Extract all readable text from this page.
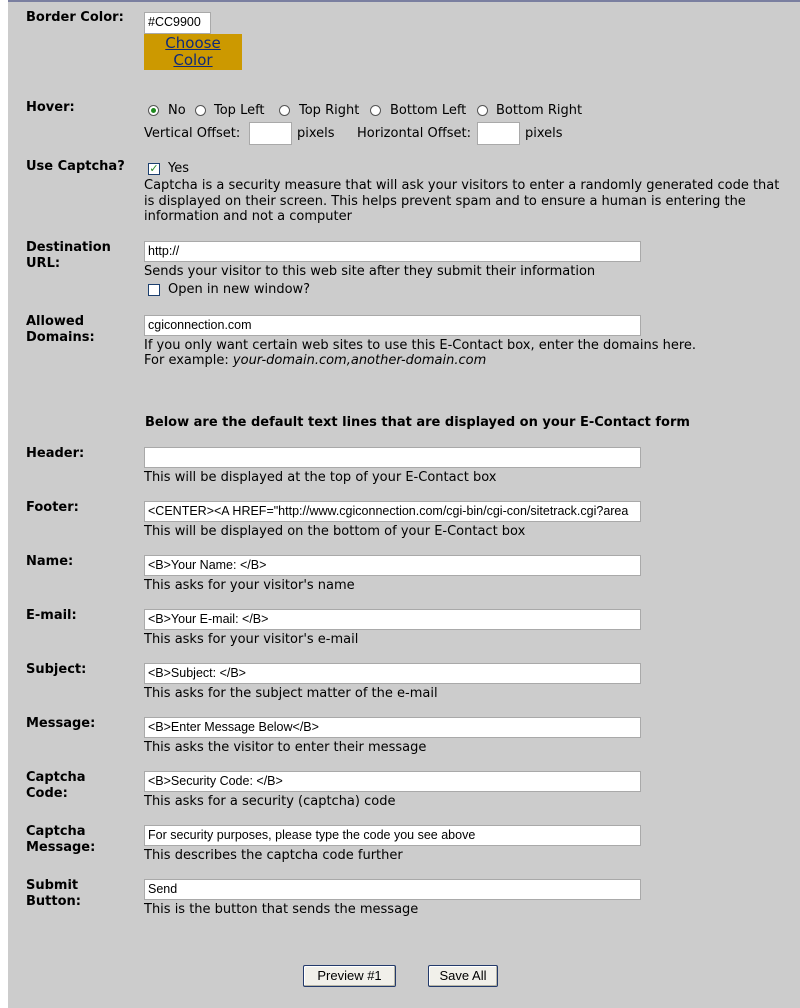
Border Color:	#CC9900
Choose Color
Hover:	No Top Left	Top Right Bottom Left Bottom Right
Vertical Offset:	pixels Horizontal Offset:	pixels
Use Captcha? ✓ Yes
Captcha is a security measure that will ask your visitors to enter a randomly generated code that
is displayed on their screen. This helps prevent spam and to ensure a human is entering the
information and not a computer
Destination
URL:
http://
Sends your visitor to this web site after they submit their information
Open in new window?
Allowed
Domains:
cgiconnection.com
If you only want certain web sites to use this E-Contact box, enter the domains here.
For example: your-domain.com,another-domain.com
Below are the default text lines that are displayed on your E-Contact form
Header:
This will be displayed at the top of your E-Contact box
Footer:	<CENTER><A HREF="http://www.cgiconnection.com/cgi-bin/cgi-con/sitetrack.cgi?area
This will be displayed on the bottom of your E-Contact box
Name:	<B>Your Name: </B>
This asks for your visitor's name
E-mail:	<B>Your E-mail: </B>
This asks for your visitor's e-mail
Subject:	<B>Subject: </B>
This asks for the subject matter of the e-mail
Message:	<B>Enter Message Below</B>
This asks the visitor to enter their message
Captcha
Code:
<B>Security Code: </B>
This asks for a security (captcha) code
Captcha
Message:
For security purposes, please type the code you see above
This describes the captcha code further
Submit
Button:
Send
This is the button that sends the message
Preview #1	Save All
